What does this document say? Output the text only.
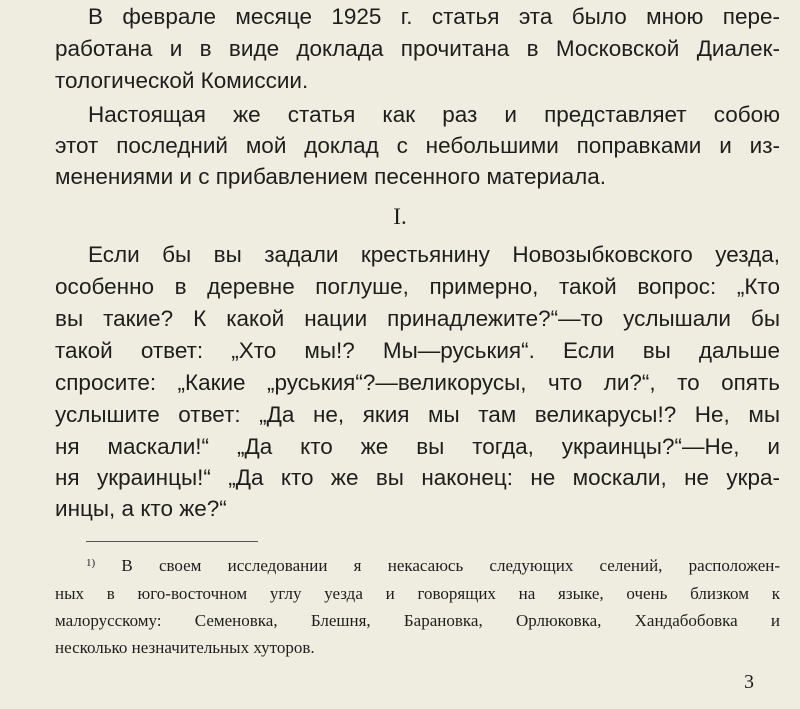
В феврале месяце 1925 г. статья эта было мною пере-
работана и в виде доклада прочитана в Московской Диалек-
тологической Комиссии.
Настоящая же статья как раз и представляет собою
этот последний мой доклад с небольшими поправками и из-
менениями и с прибавлением песенного материала.
I.
Если бы вы задали крестьянину Новозыбковского уезда,
особенно в деревне поглуше, примерно, такой вопрос: „Кто
вы такие? К какой нации принадлежите?“—то услышали бы
такой ответ: „Хто мы!? Мы—руськия“. Если вы дальше
спросите: „Какие „руськия“?—великорусы, что ли?“, то опять
услышите ответ: „Да не, якия мы там великарусы!? Не, мы
ня маскали!“ „Да кто же вы тогда, украинцы?“—Не, и
ня украинцы!“ „Да кто же вы наконец: не москали, не укра-
инцы, а кто же?“
$^{1)}$ В своем исследовании я некасаюсь следующих селений, расположен-
ных в юго-восточном углу уезда и говорящих на языке, очень близком к
малорусскому: Семеновка, Блешня, Барановка, Орлюковка, Хандабобовка и
несколько незначительных хуторов.
3
